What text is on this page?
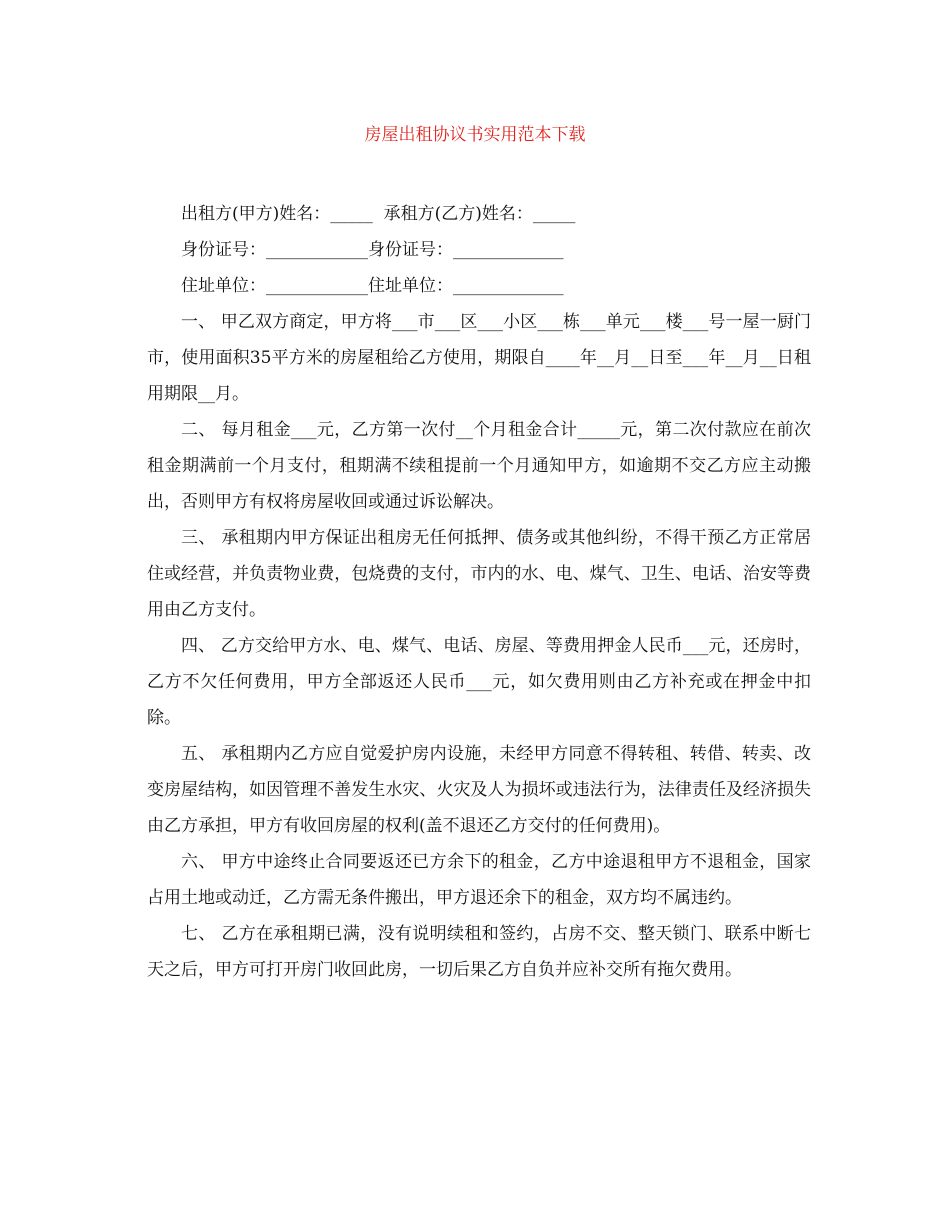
房屋出租协议书实用范本下载

出租方(甲方)姓名：_____  承租方(乙方)姓名：_____

身份证号：____________身份证号：_____________

住址单位：____________住址单位：_____________

一、 甲乙双方商定，甲方将___市___区___小区___栋___单元___楼___号一屋一厨门市，使用面积35平方米的房屋租给乙方使用，期限自____年__月__日至___年__月__日租用期限__月。

二、 每月租金___元，乙方第一次付__个月租金合计_____元，第二次付款应在前次租金期满前一个月支付，租期满不续租提前一个月通知甲方，如逾期不交乙方应主动搬出，否则甲方有权将房屋收回或通过诉讼解决。

三、 承租期内甲方保证出租房无任何抵押、债务或其他纠纷，不得干预乙方正常居住或经营，并负责物业费，包烧费的支付，市内的水、电、煤气、卫生、电话、治安等费用由乙方支付。

四、 乙方交给甲方水、电、煤气、电话、房屋、等费用押金人民币___元，还房时，乙方不欠任何费用，甲方全部返还人民币___元，如欠费用则由乙方补充或在押金中扣除。

五、 承租期内乙方应自觉爱护房内设施，未经甲方同意不得转租、转借、转卖、改变房屋结构，如因管理不善发生水灾、火灾及人为损坏或违法行为，法律责任及经济损失由乙方承担，甲方有收回房屋的权利(盖不退还乙方交付的任何费用)。

六、 甲方中途终止合同要返还已方余下的租金，乙方中途退租甲方不退租金，国家占用土地或动迁，乙方需无条件搬出，甲方退还余下的租金，双方均不属违约。

七、 乙方在承租期已满，没有说明续租和签约，占房不交、整天锁门、联系中断七天之后，甲方可打开房门收回此房，一切后果乙方自负并应补交所有拖欠费用。
